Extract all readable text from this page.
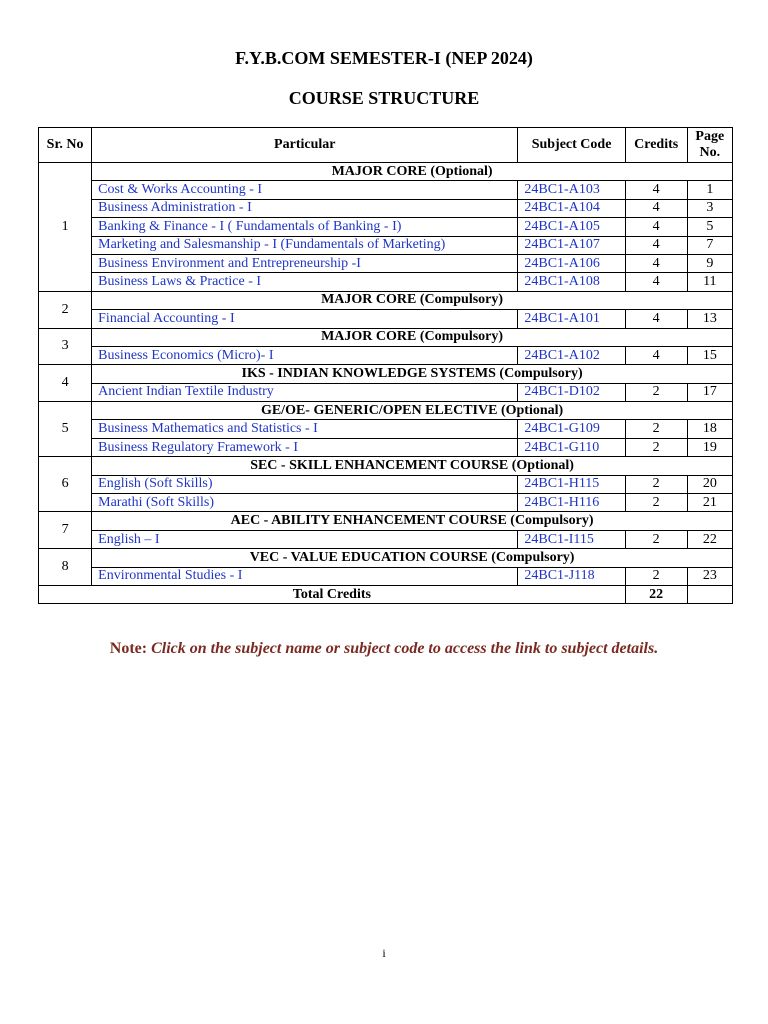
F.Y.B.COM SEMESTER-I (NEP 2024)
COURSE STRUCTURE
Sr. No	Particular	Subject Code	Credits	Page No.
1	MAJOR CORE (Optional)			
	Cost & Works Accounting - I	24BC1-A103	4	1
	Business Administration - I	24BC1-A104	4	3
	Banking & Finance - I ( Fundamentals of Banking - I)	24BC1-A105	4	5
	Marketing and Salesmanship - I (Fundamentals of Marketing)	24BC1-A107	4	7
	Business Environment and Entrepreneurship -I	24BC1-A106	4	9
	Business Laws & Practice - I	24BC1-A108	4	11
2	MAJOR CORE (Compulsory)			
	Financial Accounting - I	24BC1-A101	4	13
3	MAJOR CORE (Compulsory)			
	Business Economics (Micro)- I	24BC1-A102	4	15
4	IKS - INDIAN KNOWLEDGE SYSTEMS (Compulsory)			
	Ancient Indian Textile Industry	24BC1-D102	2	17
5	GE/OE- GENERIC/OPEN ELECTIVE (Optional)			
	Business Mathematics and Statistics - I	24BC1-G109	2	18
	Business Regulatory Framework - I	24BC1-G110	2	19
6	SEC - SKILL ENHANCEMENT COURSE (Optional)			
	English (Soft Skills)	24BC1-H115	2	20
	Marathi (Soft Skills)	24BC1-H116	2	21
7	AEC - ABILITY ENHANCEMENT COURSE (Compulsory)			
	English – I	24BC1-I115	2	22
8	VEC - VALUE EDUCATION COURSE (Compulsory)			
	Environmental Studies - I	24BC1-J118	2	23
Total Credits			22	
Note: Click on the subject name or subject code to access the link to subject details.
i
